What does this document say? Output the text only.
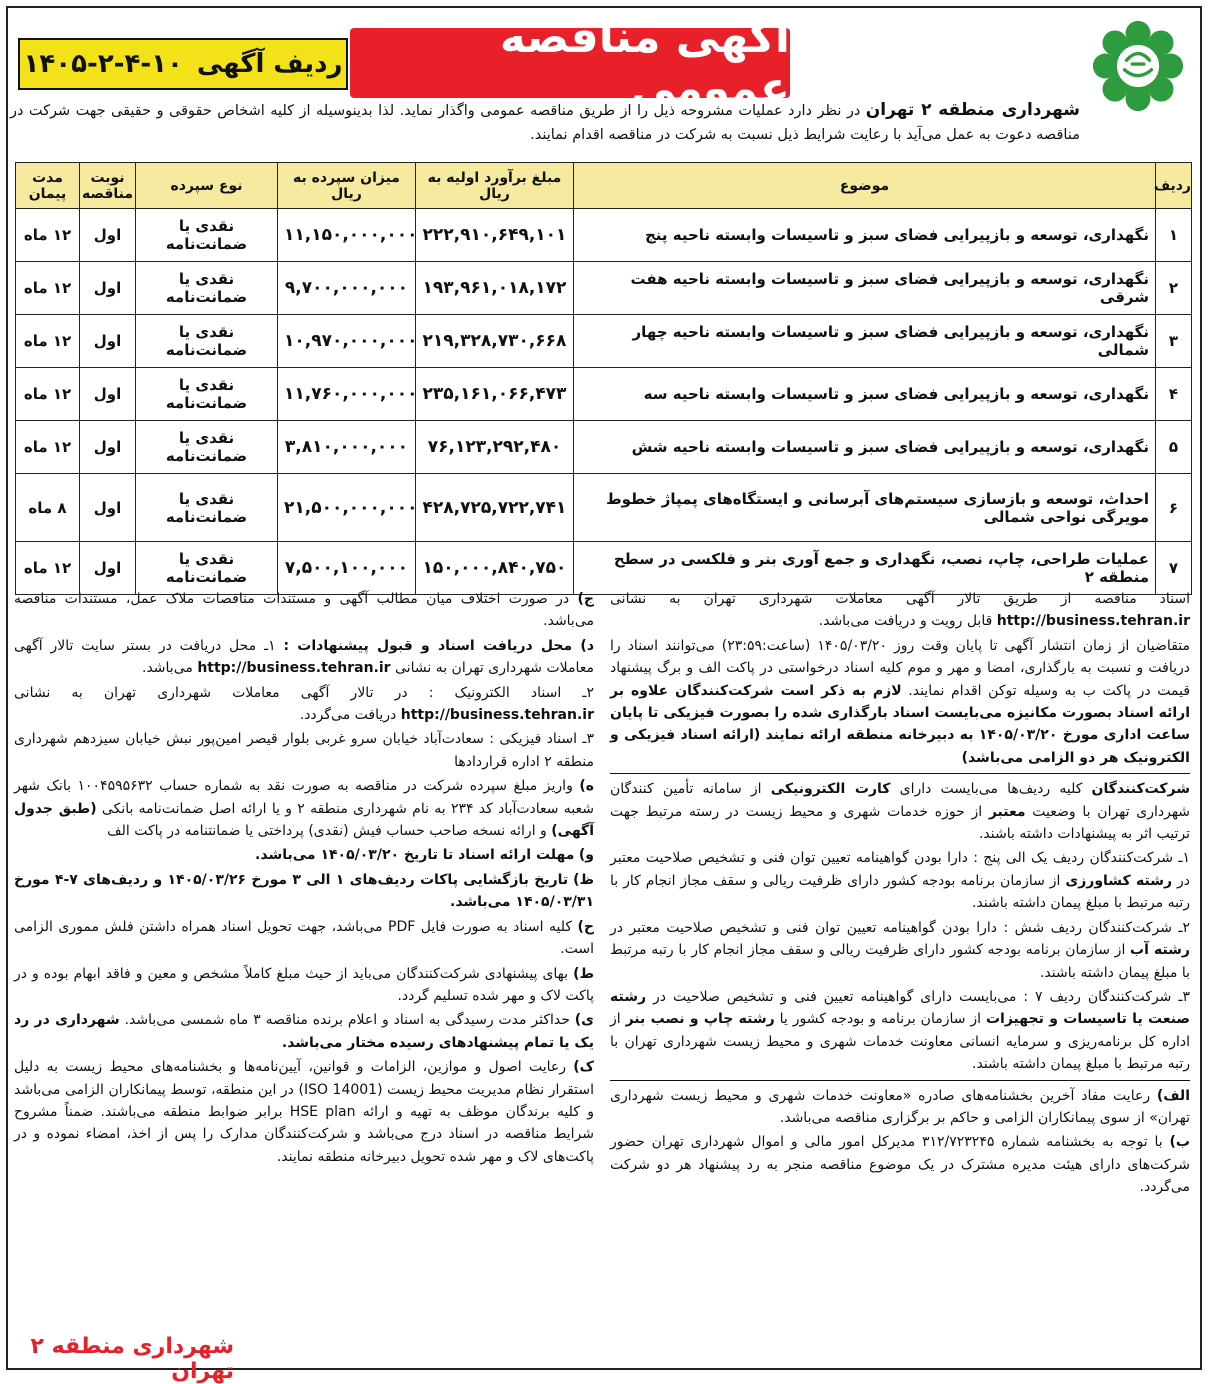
آگهی مناقصه عمومی
ردیف آگهی
۱۴۰۵-۲-۴-۱۰
شهرداری منطقه ۲ تهران در نظر دارد عملیات مشروحه ذیل را از طریق مناقصه عمومی واگذار نماید. لذا بدینوسیله از کلیه اشخاص حقوقی و حقیقی جهت شرکت در مناقصه دعوت به عمل می‌آید با رعایت شرایط ذیل نسبت به شرکت در مناقصه اقدام نمایند.
ردیف	موضوع	مبلغ برآورد اولیه به ریال	میزان سپرده به ریال	نوع سپرده	نوبت مناقصه	مدت پیمان
۱	نگهداری، توسعه و بازپیرایی فضای سبز و تاسیسات وابسته ناحیه پنج	۲۲۲,۹۱۰,۶۴۹,۱۰۱	۱۱,۱۵۰,۰۰۰,۰۰۰	نقدی یا ضمانت‌نامه	اول	۱۲ ماه
۲	نگهداری، توسعه و بازپیرایی فضای سبز و تاسیسات وابسته ناحیه هفت شرقی	۱۹۳,۹۶۱,۰۱۸,۱۷۲	۹,۷۰۰,۰۰۰,۰۰۰	نقدی یا ضمانت‌نامه	اول	۱۲ ماه
۳	نگهداری، توسعه و بازپیرایی فضای سبز و تاسیسات وابسته ناحیه چهار شمالی	۲۱۹,۳۲۸,۷۳۰,۶۶۸	۱۰,۹۷۰,۰۰۰,۰۰۰	نقدی یا ضمانت‌نامه	اول	۱۲ ماه
۴	نگهداری، توسعه و بازپیرایی فضای سبز و تاسیسات وابسته ناحیه سه	۲۳۵,۱۶۱,۰۶۶,۴۷۳	۱۱,۷۶۰,۰۰۰,۰۰۰	نقدی یا ضمانت‌نامه	اول	۱۲ ماه
۵	نگهداری، توسعه و بازپیرایی فضای سبز و تاسیسات وابسته ناحیه شش	۷۶,۱۲۳,۲۹۲,۴۸۰	۳,۸۱۰,۰۰۰,۰۰۰	نقدی یا ضمانت‌نامه	اول	۱۲ ماه
۶	احداث، توسعه و بازسازی سیستم‌های آبرسانی و ایستگاه‌های پمپاژ خطوط مویرگی نواحی شمالی	۴۲۸,۷۲۵,۷۲۲,۷۴۱	۲۱,۵۰۰,۰۰۰,۰۰۰	نقدی یا ضمانت‌نامه	اول	۸ ماه
۷	عملیات طراحی، چاپ، نصب، نگهداری و جمع آوری بنر و فلکسی در سطح منطقه ۲	۱۵۰,۰۰۰,۸۴۰,۷۵۰	۷,۵۰۰,۱۰۰,۰۰۰	نقدی یا ضمانت‌نامه	اول	۱۲ ماه

اسناد مناقصه از طریق تالار آگهی معاملات شهرداری تهران به نشانی http://business.tehran.ir قابل رویت و دریافت می‌باشد.

متقاضیان از زمان انتشار آگهی تا پایان وقت روز ۱۴۰۵/۰۳/۲۰ (ساعت:۲۳:۵۹) می‌توانند اسناد را دریافت و نسبت به بارگذاری، امضا و مهر و موم کلیه اسناد درخواستی در پاکت الف و برگ پیشنهاد قیمت در پاکت ب به وسیله توکن اقدام نمایند. لازم به ذکر است شرکت‌کنندگان علاوه بر ارائه اسناد بصورت مکانیزه می‌بایست اسناد بارگذاری شده را بصورت فیزیکی تا پایان ساعت اداری مورخ ۱۴۰۵/۰۳/۲۰ به دبیرخانه منطقه ارائه نمایند (ارائه اسناد فیزیکی و الکترونیک هر دو الزامی می‌باشد)

شرکت‌کنندگان کلیه ردیف‌ها می‌بایست دارای کارت الکترونیکی از سامانه تأمین کنندگان شهرداری تهران با وضعیت معتبر از حوزه خدمات شهری و محیط زیست در رسته مرتبط جهت ترتیب اثر به پیشنهادات داشته باشند.

۱ـ شرکت‌کنندگان ردیف یک الی پنج : دارا بودن گواهینامه تعیین توان فنی و تشخیص صلاحیت معتبر در رشته کشاورزی از سازمان برنامه بودجه کشور دارای ظرفیت ریالی و سقف مجاز انجام کار با رتبه مرتبط با مبلغ پیمان داشته باشند.

۲ـ شرکت‌کنندگان ردیف شش : دارا بودن گواهینامه تعیین توان فنی و تشخیص صلاحیت معتبر در رشته آب از سازمان برنامه بودجه کشور دارای ظرفیت ریالی و سقف مجاز انجام کار با رتبه مرتبط با مبلغ پیمان داشته باشند.

۳ـ شرکت‌کنندگان ردیف ۷ : می‌بایست دارای گواهینامه تعیین فنی و تشخیص صلاحیت در رشته صنعت یا تاسیسات و تجهیزات از سازمان برنامه و بودجه کشور یا رشته چاپ و نصب بنر از اداره کل برنامه‌ریزی و سرمایه انسانی معاونت خدمات شهری و محیط زیست شهرداری تهران با رتبه مرتبط با مبلغ پیمان داشته باشند.

الف) رعایت مفاد آخرین بخشنامه‌های صادره «معاونت خدمات شهری و محیط زیست شهرداری تهران» از سوی پیمانکاران الزامی و حاکم بر برگزاری مناقصه می‌باشد.

ب) با توجه به بخشنامه شماره ۳۱۲/۷۲۳۲۴۵ مدیرکل امور مالی و اموال شهرداری تهران حضور شرکت‌های دارای هیئت مدیره مشترک در یک موضوع مناقصه منجر به رد پیشنهاد هر دو شرکت می‌گردد.

ج) در صورت اختلاف میان مطالب آگهی و مستندات مناقصات ملاک عمل، مستندات مناقصه می‌باشد.

د) محل دریافت اسناد و قبول پیشنهادات : ۱ـ محل دریافت در بستر سایت تالار آگهی معاملات شهرداری تهران به نشانی http://business.tehran.ir می‌باشد.

۲ـ اسناد الکترونیک : در تالار آگهی معاملات شهرداری تهران به نشانی http://business.tehran.ir دریافت می‌گردد.

۳ـ اسناد فیزیکی : سعادت‌آباد خیابان سرو غربی بلوار قیصر امین‌پور نبش خیابان سیزدهم شهرداری منطقه ۲ اداره قراردادها

ه) واریز مبلغ سپرده شرکت در مناقصه به صورت نقد به شماره حساب ۱۰۰۴۵۹۵۶۳۲ بانک شهر شعبه سعادت‌آباد کد ۲۳۴ به نام شهرداری منطقه ۲ و یا ارائه اصل ضمانت‌نامه بانکی (طبق جدول آگهی) و ارائه نسخه صاحب حساب فیش (نقدی) پرداختی یا ضمانتنامه در پاکت الف

و) مهلت ارائه اسناد تا تاریخ ۱۴۰۵/۰۳/۲۰ می‌باشد.

ظ) تاریخ بازگشایی پاکات ردیف‌های ۱ الی ۳ مورخ ۱۴۰۵/۰۳/۲۶ و ردیف‌های ۷-۴ مورخ ۱۴۰۵/۰۳/۳۱ می‌باشد.

ح) کلیه اسناد به صورت فایل PDF می‌باشد، جهت تحویل اسناد همراه داشتن فلش مموری الزامی است.

ط) بهای پیشنهادی شرکت‌کنندگان می‌باید از حیث مبلغ کاملاً مشخص و معین و فاقد ابهام بوده و در پاکت لاک و مهر شده تسلیم گردد.

ی) حداکثر مدت رسیدگی به اسناد و اعلام برنده مناقصه ۳ ماه شمسی می‌باشد. شهرداری در رد یک یا تمام پیشنهادهای رسیده مختار می‌باشد.

ک) رعایت اصول و موازین، الزامات و قوانین، آیین‌نامه‌ها و بخشنامه‌های محیط زیست به دلیل استقرار نظام مدیریت محیط زیست (ISO 14001) در این منطقه، توسط پیمانکاران الزامی می‌باشد و کلیه برندگان موظف به تهیه و ارائه HSE plan برابر ضوابط منطقه می‌باشند. ضمناً مشروح شرایط مناقصه در اسناد درج می‌باشد و شرکت‌کنندگان مدارک را پس از اخذ، امضاء نموده و در پاکت‌های لاک و مهر شده تحویل دبیرخانه منطقه نمایند.

شهرداری منطقه ۲ تهران
